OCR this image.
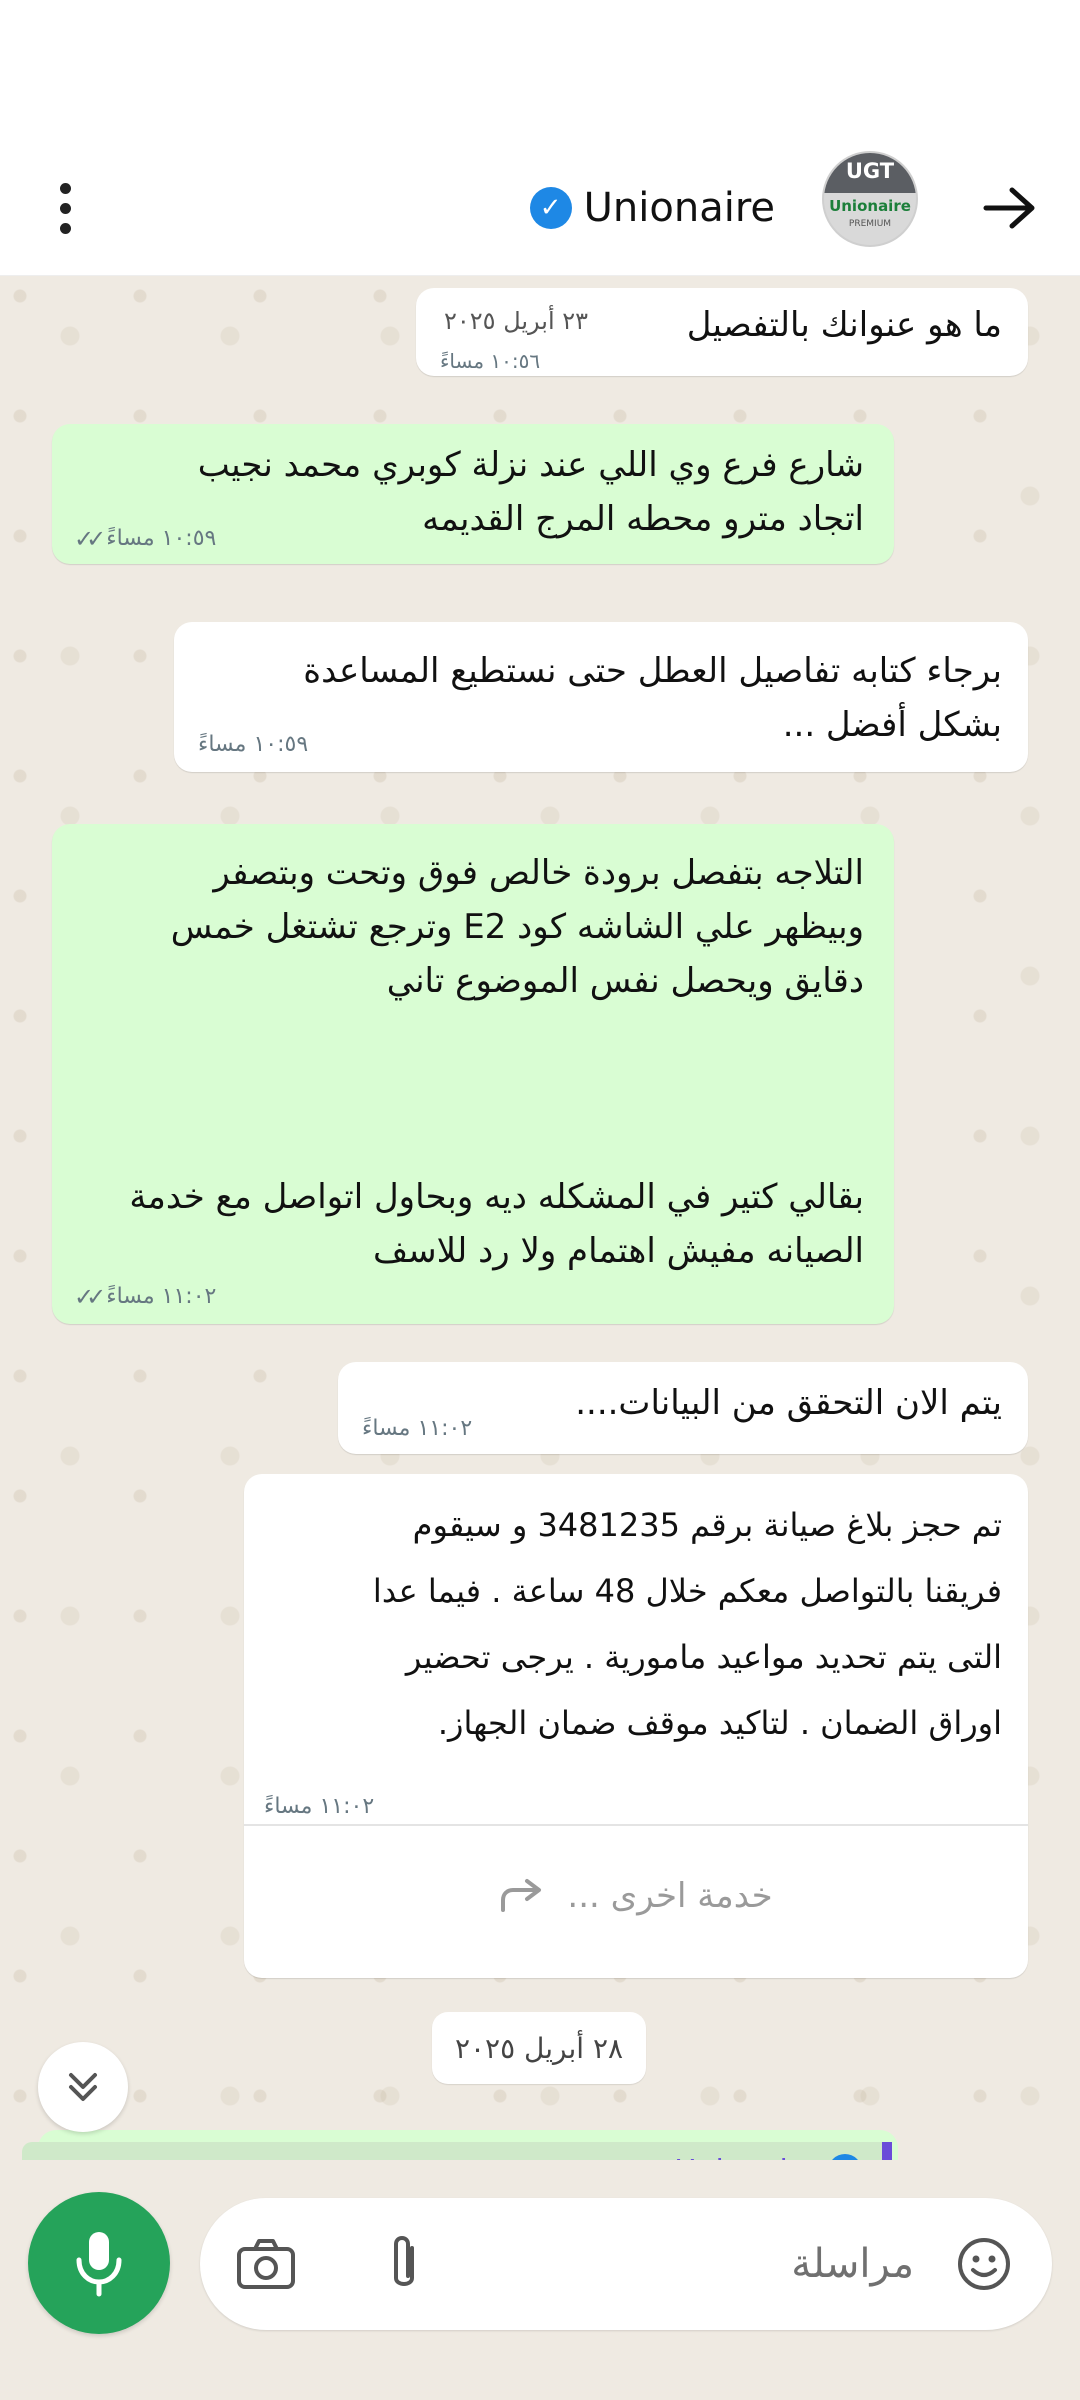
✓ Unionaire
UGT
Unionaire
PREMIUM
ما هو عنوانك بالتفصيل
١٠:٥٦ مساءً
٢٣ أبريل ٢٠٢٥
شارع فرع وي اللي عند نزلة كوبري محمد نجيب
اتجاد مترو محطه المرج القديمه
١٠:٥٩ مساءً
✓✓
برجاء كتابه تفاصيل العطل حتى نستطيع المساعدة
بشكل أفضل ...
١٠:٥٩ مساءً
التلاجه بتفصل برودة خالص فوق وتحت وبتصفر
وبيظهر علي الشاشه كود E2 وترجع تشتغل خمس
دقايق ويحصل نفس الموضوع تاني

بقالي كتير في المشكله ديه وبحاول اتواصل مع خدمة
الصيانه مفيش اهتمام ولا رد للاسف
١١:٠٢ مساءً
✓✓
يتم الان التحقق من البيانات....
١١:٠٢ مساءً
تم حجز بلاغ صيانة برقم 3481235 و سيقوم
فريقنا بالتواصل معكم خلال 48 ساعة . فيما عدا
التى يتم تحديد مواعيد مامورية . يرجى تحضير
اوراق الضمان . لتاكيد موقف ضمان الجهاز.
١١:٠٢ مساءً
خدمة اخرى ...
٢٨ أبريل ٢٠٢٥
مراسلة
